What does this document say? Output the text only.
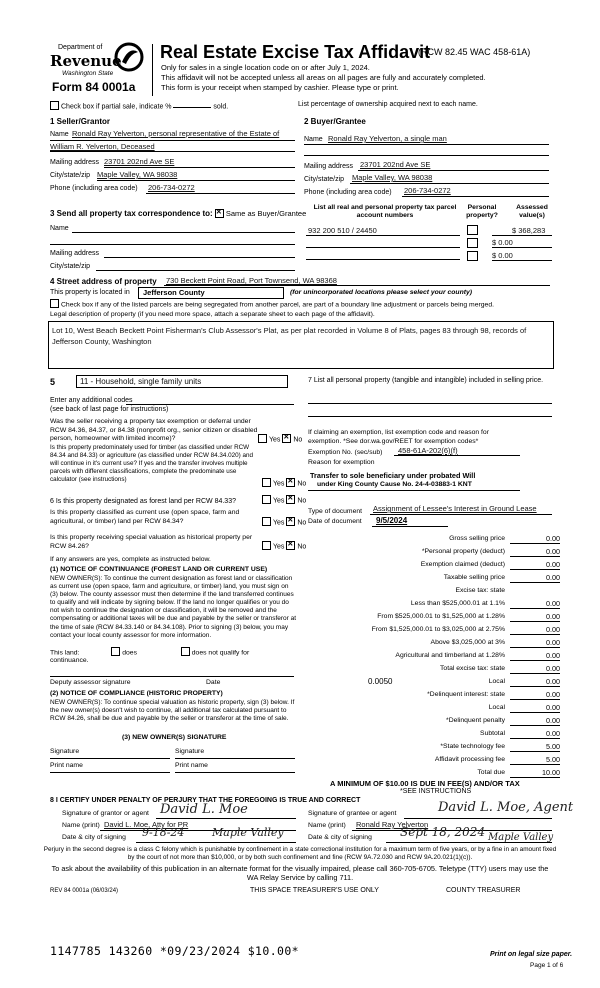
Department of
Revenue
Washington State
Form 84 0001a
Real Estate Excise Tax Affidavit
(RCW 82.45 WAC 458-61A)
Only for sales in a single location code on or after July 1, 2024.
This affidavit will not be accepted unless all areas on all pages are fully and accurately completed.
This form is your receipt when stamped by cashier. Please type or print.
Check box if partial sale, indicate %	sold.	List percentage of ownership acquired next to each name.
1 Seller/Grantor
Name Ronald Ray Yelverton, personal representative of the Estate of
William R. Yelverton, Deceased
Mailing address 23701 202nd Ave SE
City/state/zip Maple Valley, WA 98038
Phone (including area code) 206-734-0272
2 Buyer/Grantee
Name Ronald Ray Yelverton, a single man
Mailing address 23701 202nd Ave SE
City/state/zip Maple Valley, WA 98038
Phone (including area code) 206-734-0272
3 Send all property tax correspondence to: ✕ Same as Buyer/Grantee
Name
Mailing address
City/state/zip
List all real and personal property tax parcel account numbers
Personal property?
Assessed value(s)
932 200 510 / 24450	$ 368,283
$ 0.00
$ 0.00
4 Street address of property 730 Beckett Point Road, Port Townsend, WA 98368
This property is located in Jefferson County	(for unincorporated locations please select your county)
Check box if any of the listed parcels are being segregated from another parcel, are part of a boundary line adjustment or parcels being merged.
Legal description of property (if you need more space, attach a separate sheet to each page of the affidavit).
Lot 10, West Beach Beckett Point Fisherman's Club Assessor's Plat, as per plat recorded in Volume 8 of Plats, pages 83 through 98, records of Jefferson County, Washington
5	11 - Household, single family units
Enter any additional codes
(see back of last page for instructions)
Was the seller receiving a property tax exemption or deferral under RCW 84.36, 84.37, or 84.38 (nonprofit org., senior citizen or disabled person, homeowner with limited income)?	Yes ✕ No
Is this property predominately used for timber (as classified under RCW 84.34 and 84.33) or agriculture (as classified under RCW 84.34.020) and will continue in it's current use? If yes and the transfer involves multiple parcels with different classifications, complete the predominate use calculator (see instructions)
Yes ✕ No
6 Is this property designated as forest land per RCW 84.33?	Yes ✕ No
Is this property classified as current use (open space, farm and agricultural, or timber) land per RCW 84.34?	Yes ✕ No
Is this property receiving special valuation as historical property per RCW 84.26?	Yes ✕ No
If any answers are yes, complete as instructed below.
(1) NOTICE OF CONTINUANCE (FOREST LAND OR CURRENT USE)
NEW OWNER(S): To continue the current designation as forest land or classification as current use (open space, farm and agriculture, or timber) land, you must sign on (3) below. The county assessor must then determine if the land transferred continues to qualify and will indicate by signing below. If the land no longer qualifies or you do not wish to continue the designation or classification, it will be removed and the compensating or additional taxes will be due and payable by the seller or transferor at the time of sale (RCW 84.33.140 or 84.34.108). Prior to signing (3) below, you may contact your local county assessor for more information.
This land:	does	does not qualify for
continuance.
Deputy assessor signature	Date
(2) NOTICE OF COMPLIANCE (HISTORIC PROPERTY)
NEW OWNER(S): To continue special valuation as historic property, sign (3) below. If the new owner(s) doesn't wish to continue, all additional tax calculated pursuant to RCW 84.26, shall be due and payable by the seller or transferor at the time of sale.
(3) NEW OWNER(S) SIGNATURE
Signature	Signature
Print name	Print name
7 List all personal property (tangible and intangible) included in selling price.
If claiming an exemption, list exemption code and reason for exemption. *See dor.wa.gov/REET for exemption codes*
Exemption No. (sec/sub) 458-61A-202(6)(f)
Reason for exemption
Transfer to sole beneficiary under probated Will
under King County Cause No. 24-4-03883-1 KNT
Type of document Assignment of Lessee's Interest in Ground Lease
Date of document 9/5/2024
Gross selling price	0.00
*Personal property (deduct)	0.00
Exemption claimed (deduct)	0.00
Taxable selling price	0.00
Excise tax: state
Less than $525,000.01 at 1.1%	0.00
From $525,000.01 to $1,525,000 at 1.28%	0.00
From $1,525,000.01 to $3,025,000 at 2.75%	0.00
Above $3,025,000 at 3%	0.00
Agricultural and timberland at 1.28%	0.00
Total excise tax: state	0.00
0.0050	Local	0.00
*Delinquent interest: state	0.00
Local	0.00
*Delinquent penalty	0.00
Subtotal	0.00
*State technology fee	5.00
Affidavit processing fee	5.00
Total due	10.00
A MINIMUM OF $10.00 IS DUE IN FEE(S) AND/OR TAX
*SEE INSTRUCTIONS
8 I CERTIFY UNDER PENALTY OF PERJURY THAT THE FOREGOING IS TRUE AND CORRECT
Signature of grantor or agent David L. Moe
Name (print) David L. Moe, Atty for PR
Date & city of signing 9-18-24	Maple Valley
Signature of grantee or agent	David L. Moe, Agent
Name (print) Ronald Ray Yelverton
Date & city of signing Sept 18, 2024 Maple Valley
Perjury in the second degree is a class C felony which is punishable by confinement in a state correctional institution for a maximum term of five years, or by a fine in an amount fixed by the court of not more than $10,000, or by both such confinement and fine (RCW 9A.72.030 and RCW 9A.20.021(1)(c)).
To ask about the availability of this publication in an alternate format for the visually impaired, please call 360-705-6705. Teletype (TTY) users may use the WA Relay Service by calling 711.
REV 84 0001a (06/03/24)	THIS SPACE TREASURER'S USE ONLY	COUNTY TREASURER
1147785 143260 *09/23/2024 $10.00*	Print on legal size paper.
Page 1 of 6
